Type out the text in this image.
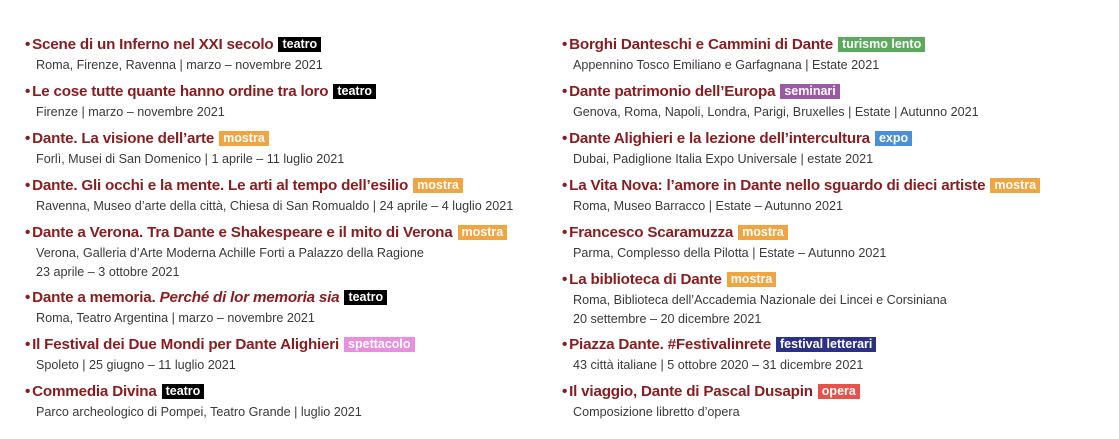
• Scene di un Inferno nel XXI secolo teatro
Roma, Firenze, Ravenna | marzo – novembre 2021
• Le cose tutte quante hanno ordine tra loro teatro
Firenze | marzo – novembre 2021
• Dante. La visione dell’arte mostra
Forlì, Musei di San Domenico | 1 aprile – 11 luglio 2021
• Dante. Gli occhi e la mente. Le arti al tempo dell’esilio mostra
Ravenna, Museo d’arte della città, Chiesa di San Romualdo | 24 aprile – 4 luglio 2021
• Dante a Verona. Tra Dante e Shakespeare e il mito di Verona mostra
Verona, Galleria d’Arte Moderna Achille Forti a Palazzo della Ragione
23 aprile – 3 ottobre 2021
• Dante a memoria. Perché di lor memoria sia teatro
Roma, Teatro Argentina | marzo – novembre 2021
• Il Festival dei Due Mondi per Dante Alighieri spettacolo
Spoleto | 25 giugno – 11 luglio 2021
• Commedia Divina teatro
Parco archeologico di Pompei, Teatro Grande | luglio 2021
• Borghi Danteschi e Cammini di Dante turismo lento
Appennino Tosco Emiliano e Garfagnana | Estate 2021
• Dante patrimonio dell’Europa seminari
Genova, Roma, Napoli, Londra, Parigi, Bruxelles | Estate | Autunno 2021
• Dante Alighieri e la lezione dell’intercultura expo
Dubai, Padiglione Italia Expo Universale | estate 2021
• La Vita Nova: l’amore in Dante nello sguardo di dieci artiste mostra
Roma, Museo Barracco | Estate – Autunno 2021
• Francesco Scaramuzza mostra
Parma, Complesso della Pilotta | Estate – Autunno 2021
• La biblioteca di Dante mostra
Roma, Biblioteca dell’Accademia Nazionale dei Lincei e Corsiniana
20 settembre – 20 dicembre 2021
• Piazza Dante. #Festivalinrete festival letterari
43 città italiane | 5 ottobre 2020 – 31 dicembre 2021
• Il viaggio, Dante di Pascal Dusapin opera
Composizione libretto d’opera
